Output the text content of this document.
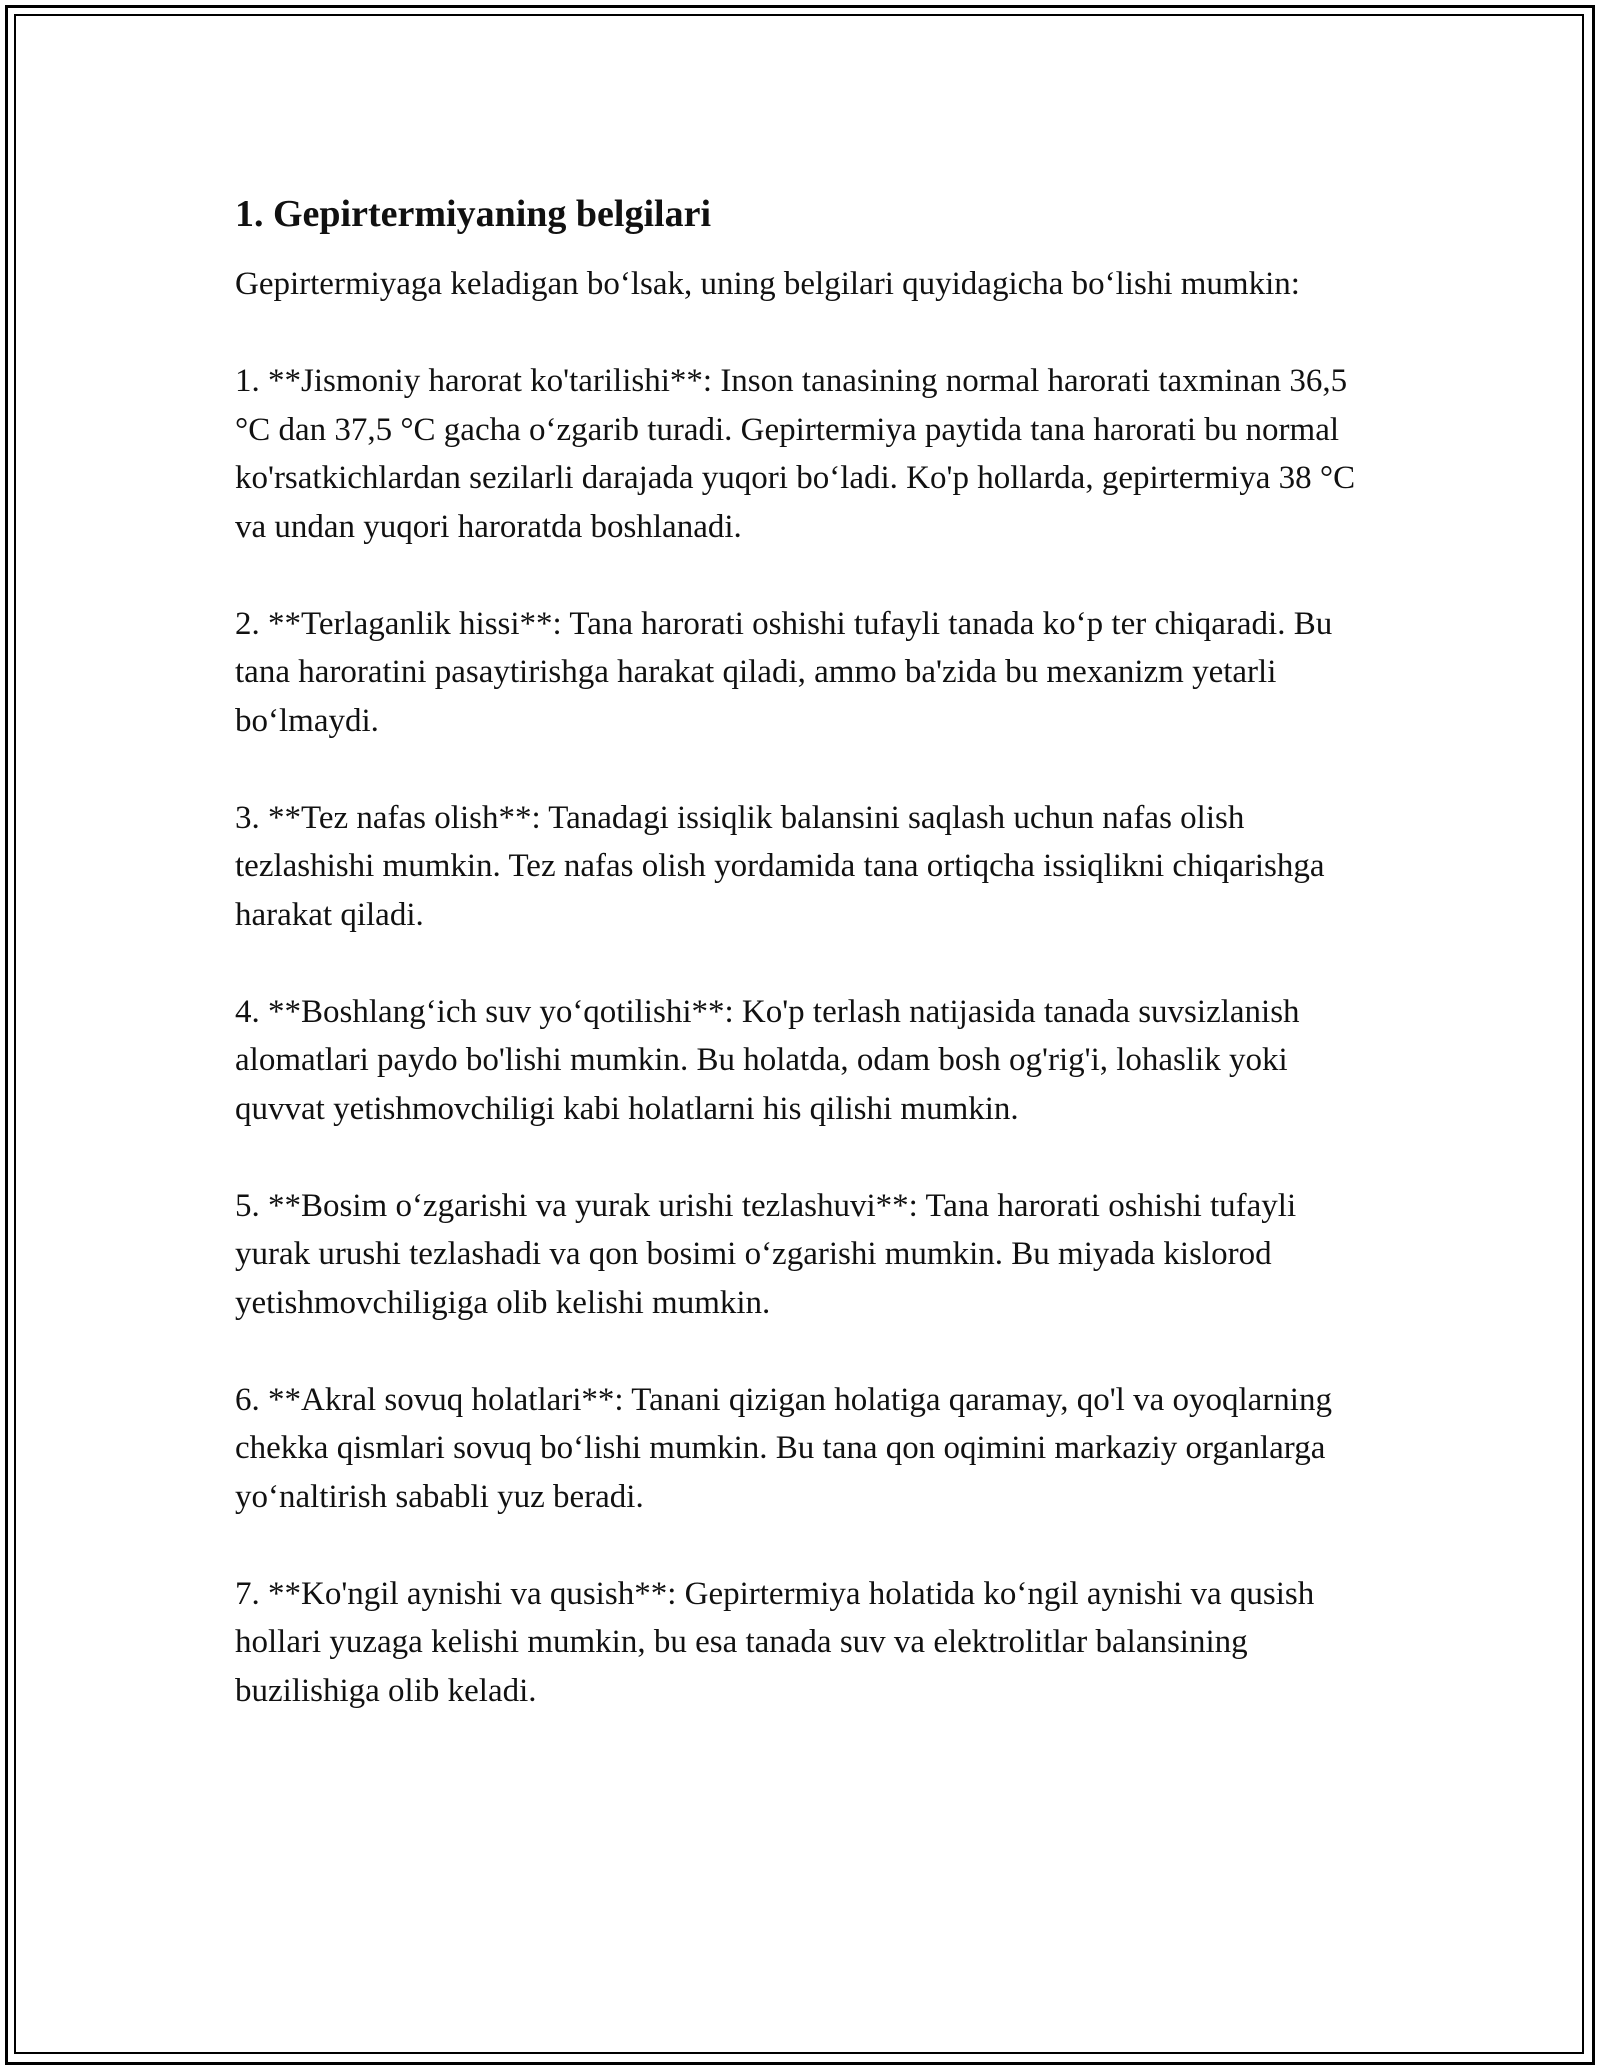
1. Gepirtermiyaning belgilari

Gepirtermiyaga keladigan bo‘lsak, uning belgilari quyidagicha bo‘lishi mumkin:

1. **Jismoniy harorat ko'tarilishi**: Inson tanasining normal harorati taxminan 36,5 °C dan 37,5 °C gacha o‘zgarib turadi. Gepirtermiya paytida tana harorati bu normal ko'rsatkichlardan sezilarli darajada yuqori bo‘ladi. Ko'p hollarda, gepirtermiya 38 °C va undan yuqori haroratda boshlanadi.

2. **Terlaganlik hissi**: Tana harorati oshishi tufayli tanada ko‘p ter chiqaradi. Bu tana haroratini pasaytirishga harakat qiladi, ammo ba'zida bu mexanizm yetarli bo‘lmaydi.

3. **Tez nafas olish**: Tanadagi issiqlik balansini saqlash uchun nafas olish tezlashishi mumkin. Tez nafas olish yordamida tana ortiqcha issiqlikni chiqarishga harakat qiladi.

4. **Boshlang‘ich suv yo‘qotilishi**: Ko'p terlash natijasida tanada suvsizlanish alomatlari paydo bo'lishi mumkin. Bu holatda, odam bosh og'rig'i, lohaslik yoki quvvat yetishmovchiligi kabi holatlarni his qilishi mumkin.

5. **Bosim o‘zgarishi va yurak urishi tezlashuvi**: Tana harorati oshishi tufayli yurak urushi tezlashadi va qon bosimi o‘zgarishi mumkin. Bu miyada kislorod yetishmovchiligiga olib kelishi mumkin.

6. **Akral sovuq holatlari**: Tanani qizigan holatiga qaramay, qo'l va oyoqlarning chekka qismlari sovuq bo‘lishi mumkin. Bu tana qon oqimini markaziy organlarga yo‘naltirish sababli yuz beradi.

7. **Ko'ngil aynishi va qusish**: Gepirtermiya holatida ko‘ngil aynishi va qusish hollari yuzaga kelishi mumkin, bu esa tanada suv va elektrolitlar balansining buzilishiga olib keladi.
